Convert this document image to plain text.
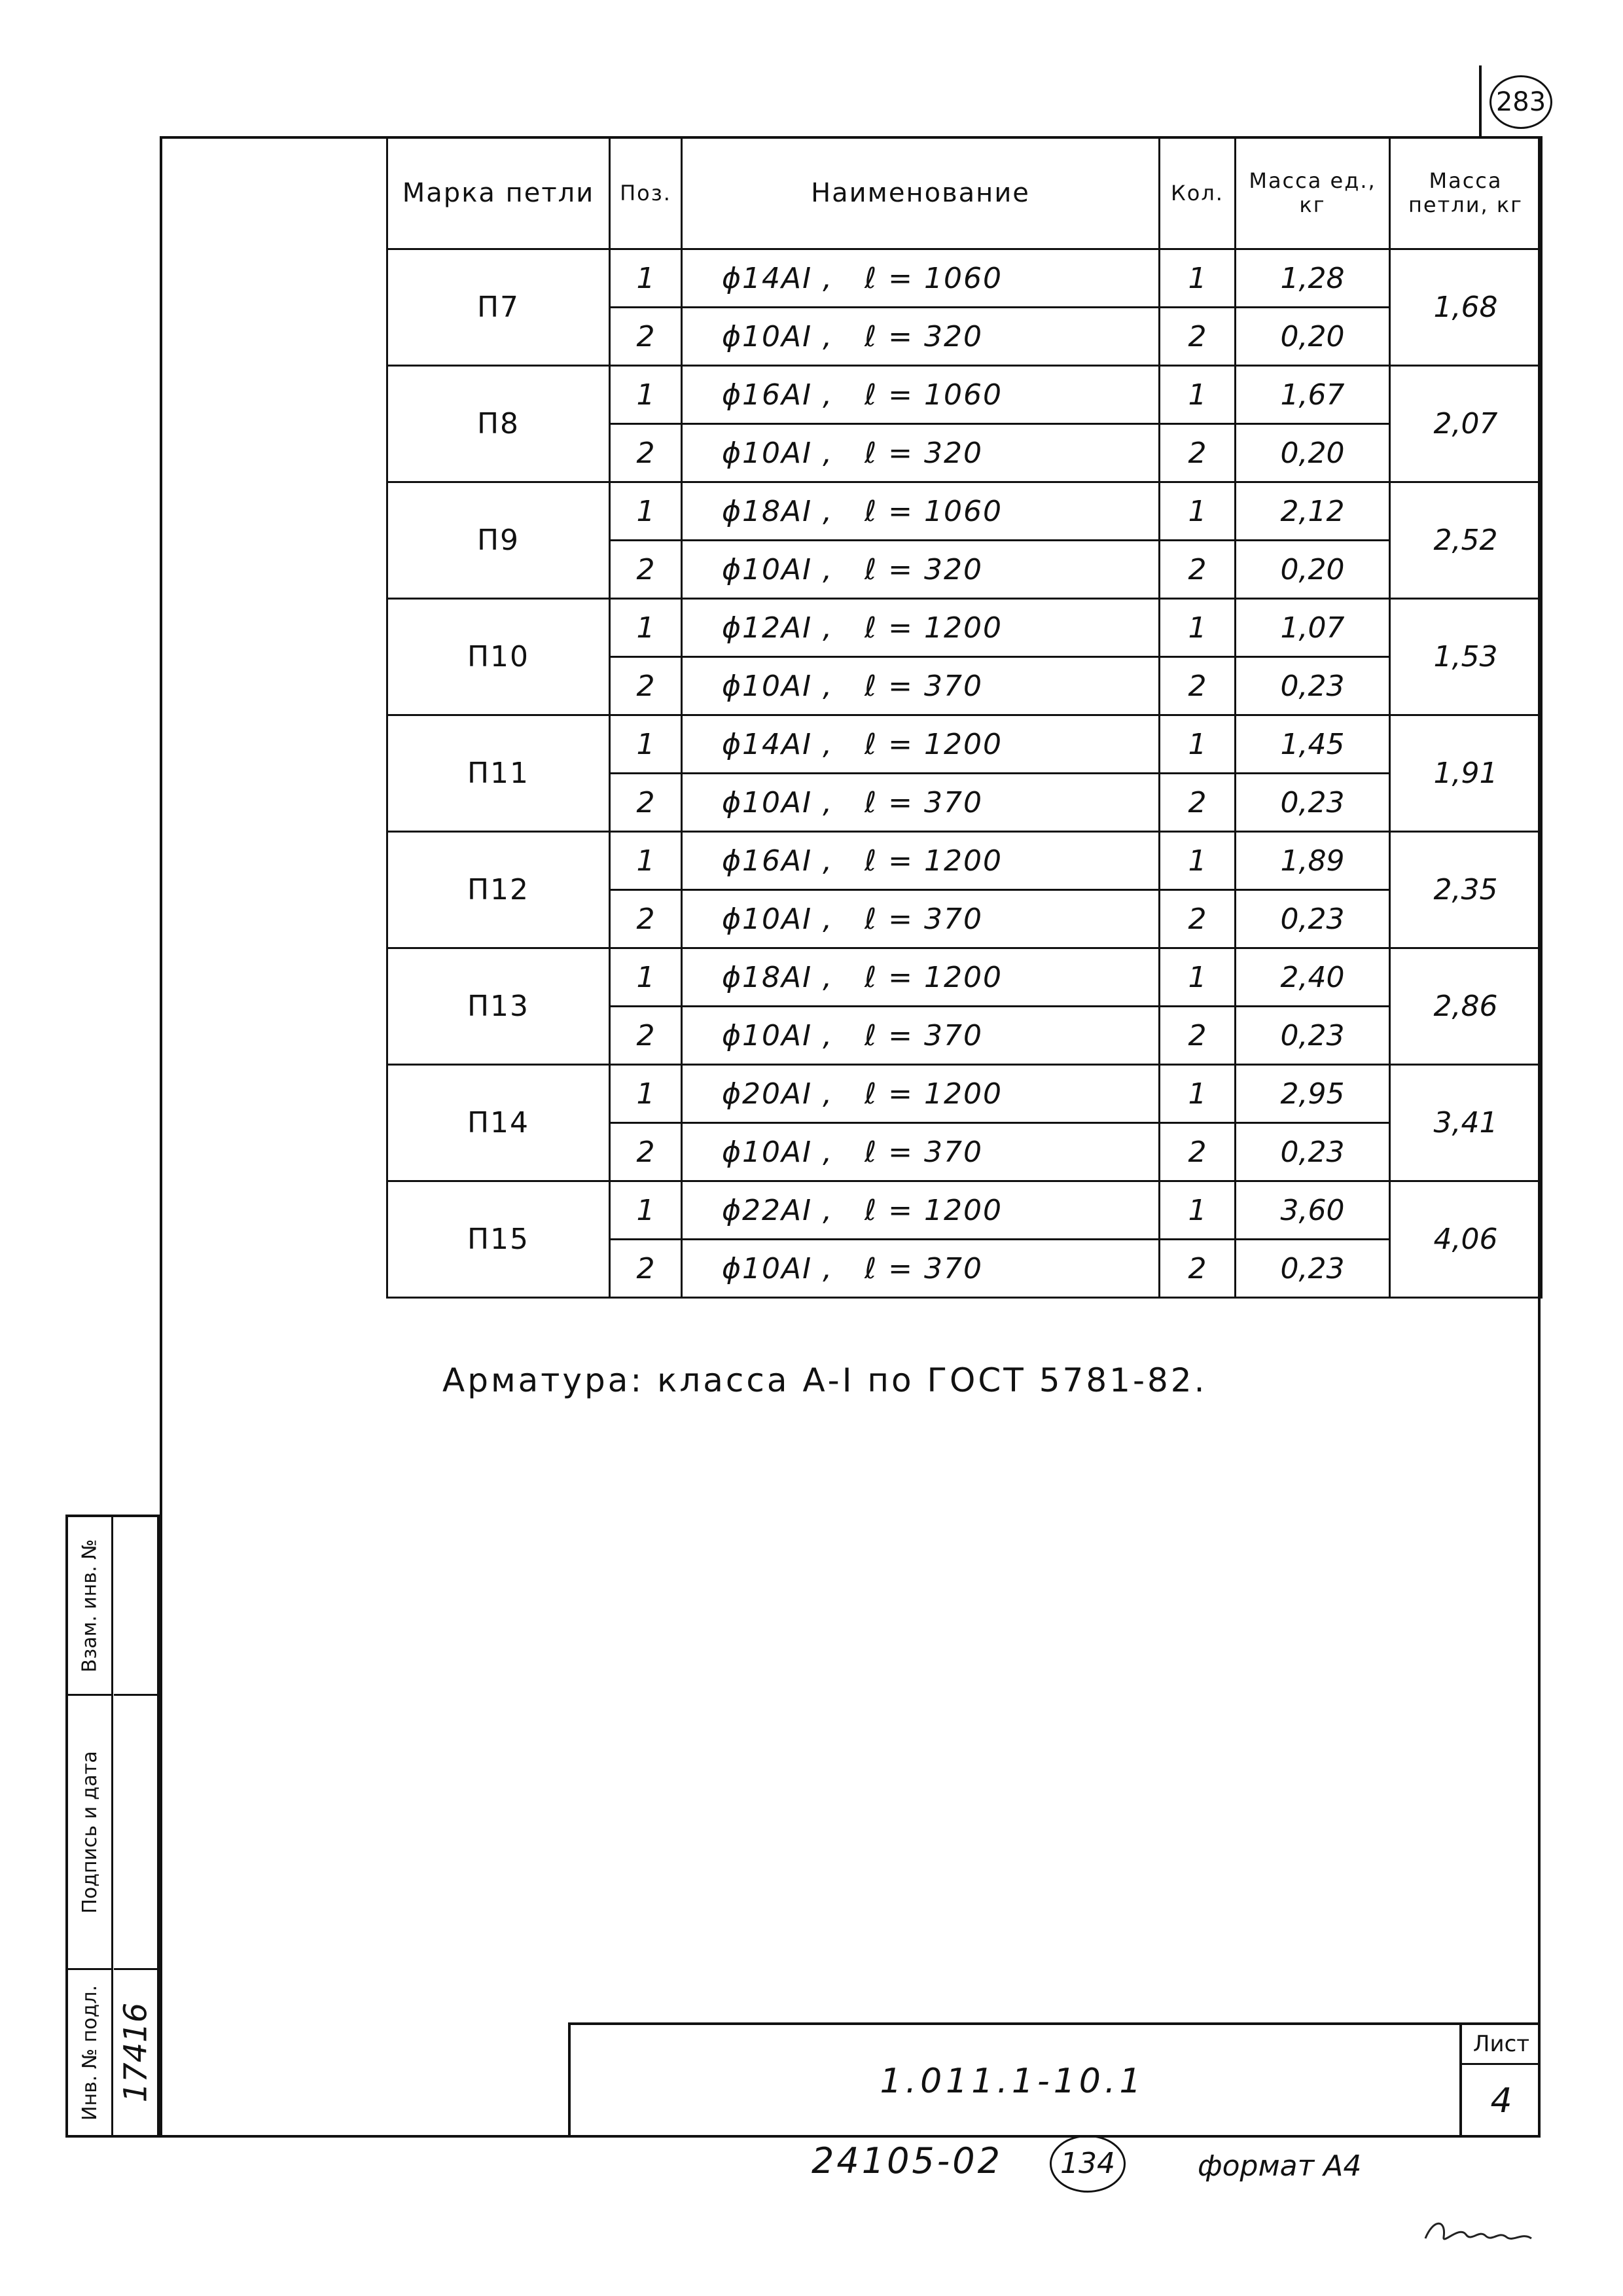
283
Марка петли	Поз.	Наименование	Кол.	Масса ед., кг	Масса петли, кг
П7	1	ϕ14АI ,   ℓ = 1060	1	1,28	1,68
	2	ϕ10АI ,   ℓ = 320	2	0,20	
П8	1	ϕ16АI ,   ℓ = 1060	1	1,67	2,07
	2	ϕ10АI ,   ℓ = 320	2	0,20	
П9	1	ϕ18АI ,   ℓ = 1060	1	2,12	2,52
	2	ϕ10АI ,   ℓ = 320	2	0,20	
П10	1	ϕ12АI ,   ℓ = 1200	1	1,07	1,53
	2	ϕ10АI ,   ℓ = 370	2	0,23	
П11	1	ϕ14АI ,   ℓ = 1200	1	1,45	1,91
	2	ϕ10АI ,   ℓ = 370	2	0,23	
П12	1	ϕ16АI ,   ℓ = 1200	1	1,89	2,35
	2	ϕ10АI ,   ℓ = 370	2	0,23	
П13	1	ϕ18АI ,   ℓ = 1200	1	2,40	2,86
	2	ϕ10АI ,   ℓ = 370	2	0,23	
П14	1	ϕ20АI ,   ℓ = 1200	1	2,95	3,41
	2	ϕ10АI ,   ℓ = 370	2	0,23	
П15	1	ϕ22АI ,   ℓ = 1200	1	3,60	4,06
	2	ϕ10АI ,   ℓ = 370	2	0,23	
Арматура: класса А-I по ГОСТ 5781-82.
1.011.1-10.1
Лист
4
Взам. инв. №
Подпись и дата
Инв. № подл. 17416
24105-02	134	формат А4
